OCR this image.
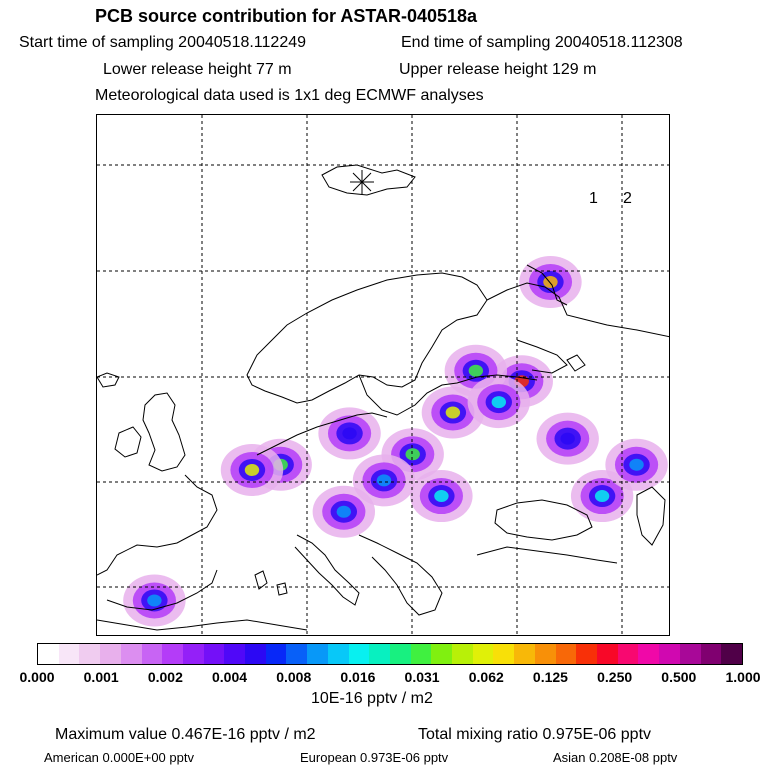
PCB source contribution for ASTAR-040518a
Start time of sampling 20040518.112249	End time of sampling 20040518.112308
Lower release height 77 m	Upper release height 129 m
Meteorological data used is 1x1 deg ECMWF analyses
1 2
0.000 0.001 0.002 0.004 0.008 0.016 0.031 0.062 0.125 0.250 0.500 1.000
10E-16 pptv / m2
Maximum value 0.467E-16 pptv / m2	Total mixing ratio 0.975E-06 pptv
American 0.000E+00 pptv	European 0.973E-06 pptv	Asian 0.208E-08 pptv
